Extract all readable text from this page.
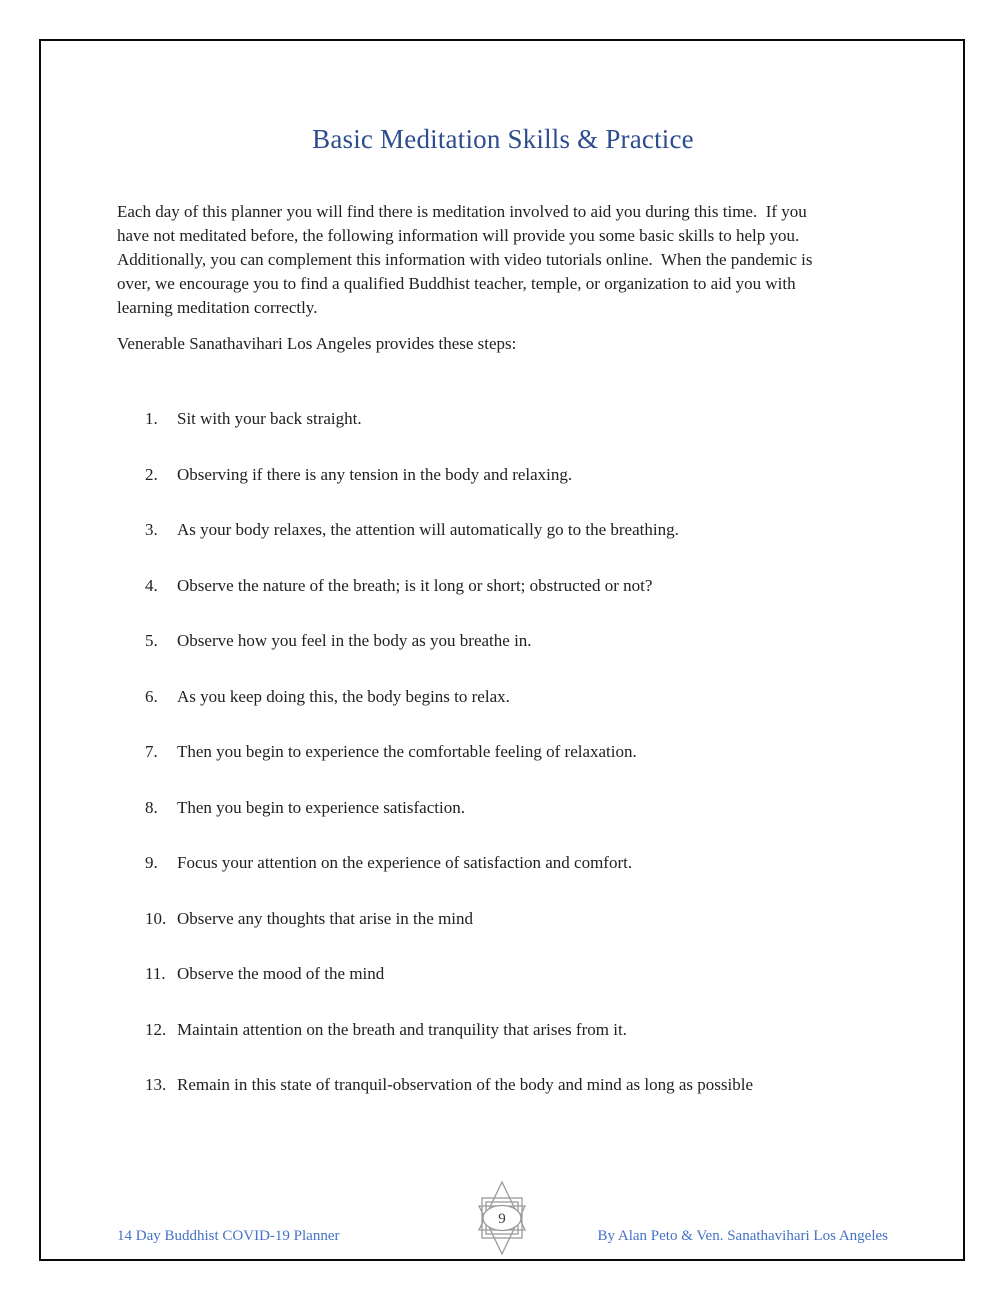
Basic Meditation Skills & Practice
Each day of this planner you will find there is meditation involved to aid you during this time.  If you
have not meditated before, the following information will provide you some basic skills to help you.
Additionally, you can complement this information with video tutorials online.  When the pandemic is
over, we encourage you to find a qualified Buddhist teacher, temple, or organization to aid you with
learning meditation correctly.
Venerable Sanathavihari Los Angeles provides these steps:
1.	Sit with your back straight.
2.	Observing if there is any tension in the body and relaxing.
3.	As your body relaxes, the attention will automatically go to the breathing.
4.	Observe the nature of the breath; is it long or short; obstructed or not?
5.	Observe how you feel in the body as you breathe in.
6.	As you keep doing this, the body begins to relax.
7.	Then you begin to experience the comfortable feeling of relaxation.
8.	Then you begin to experience satisfaction.
9.	Focus your attention on the experience of satisfaction and comfort.
10. Observe any thoughts that arise in the mind
11. Observe the mood of the mind
12. Maintain attention on the breath and tranquility that arises from it.
13. Remain in this state of tranquil-observation of the body and mind as long as possible
9
14 Day Buddhist COVID-19 Planner	By Alan Peto & Ven. Sanathavihari Los Angeles
